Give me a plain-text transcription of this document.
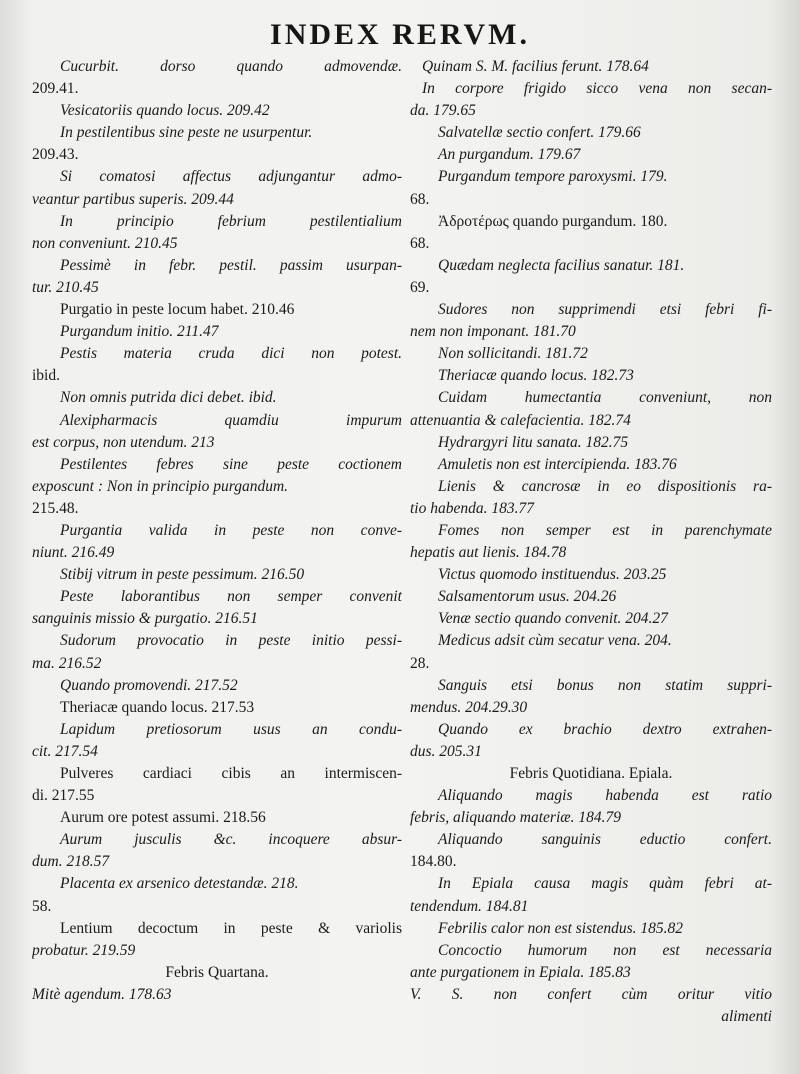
INDEX RERVM.
Cucurbit. dorso quando admovendæ.
209.41.
Vesicatoriis quando locus. 209.42
In pestilentibus sine peste ne usurpentur.
209.43.
Si comatosi affectus adjungantur admo-
veantur partibus superis. 209.44
In principio febrium pestilentialium
non conveniunt. 210.45
Pessimè in febr. pestil. passim usurpan-
tur. 210.45
Purgatio in peste locum habet. 210.46
Purgandum initio. 211.47
Pestis materia cruda dici non potest.
ibid.
Non omnis putrida dici debet. ibid.
Alexipharmacis quamdiu impurum
est corpus, non utendum. 213
Pestilentes febres sine peste coctionem
exposcunt : Non in principio purgandum.
215.48.
Purgantia valida in peste non conve-
niunt. 216.49
Stibij vitrum in peste pessimum. 216.50
Peste laborantibus non semper convenit
sanguinis missio & purgatio. 216.51
Sudorum provocatio in peste initio pessi-
ma. 216.52
Quando promovendi. 217.52
Theriacæ quando locus. 217.53
Lapidum pretiosorum usus an condu-
cit. 217.54
Pulveres cardiaci cibis an intermiscen-
di. 217.55
Aurum ore potest assumi. 218.56
Aurum jusculis &c. incoquere absur-
dum. 218.57
Placenta ex arsenico detestandæ. 218.
58.
Lentium decoctum in peste & variolis
probatur. 219.59
Febris Quartana.
Mitè agendum. 178.63
Quinam S. M. facilius ferunt. 178.64
In corpore frigido sicco vena non secan-
da. 179.65
Salvatellæ sectio confert. 179.66
An purgandum. 179.67
Purgandum tempore paroxysmi. 179.
68.
Ἀδροτέρως quando purgandum. 180.
68.
Quædam neglecta facilius sanatur. 181.
69.
Sudores non supprimendi etsi febri fi-
nem non imponant. 181.70
Non sollicitandi. 181.72
Theriacæ quando locus. 182.73
Cuidam humectantia conveniunt, non
attenuantia & calefacientia. 182.74
Hydrargyri litu sanata. 182.75
Amuletis non est intercipienda. 183.76
Lienis & cancrosæ in eo dispositionis ra-
tio habenda. 183.77
Fomes non semper est in parenchymate
hepatis aut lienis. 184.78
Victus quomodo instituendus. 203.25
Salsamentorum usus. 204.26
Venæ sectio quando convenit. 204.27
Medicus adsit cùm secatur vena. 204.
28.
Sanguis etsi bonus non statim suppri-
mendus. 204.29.30
Quando ex brachio dextro extrahen-
dus. 205.31
Febris Quotidiana. Epiala.
Aliquando magis habenda est ratio
febris, aliquando materiæ. 184.79
Aliquando sanguinis eductio confert.
184.80.
In Epiala causa magis quàm febri at-
tendendum. 184.81
Febrilis calor non est sistendus. 185.82
Concoctio humorum non est necessaria
ante purgationem in Epiala. 185.83
V. S. non confert cùm oritur vitio
alimenti
